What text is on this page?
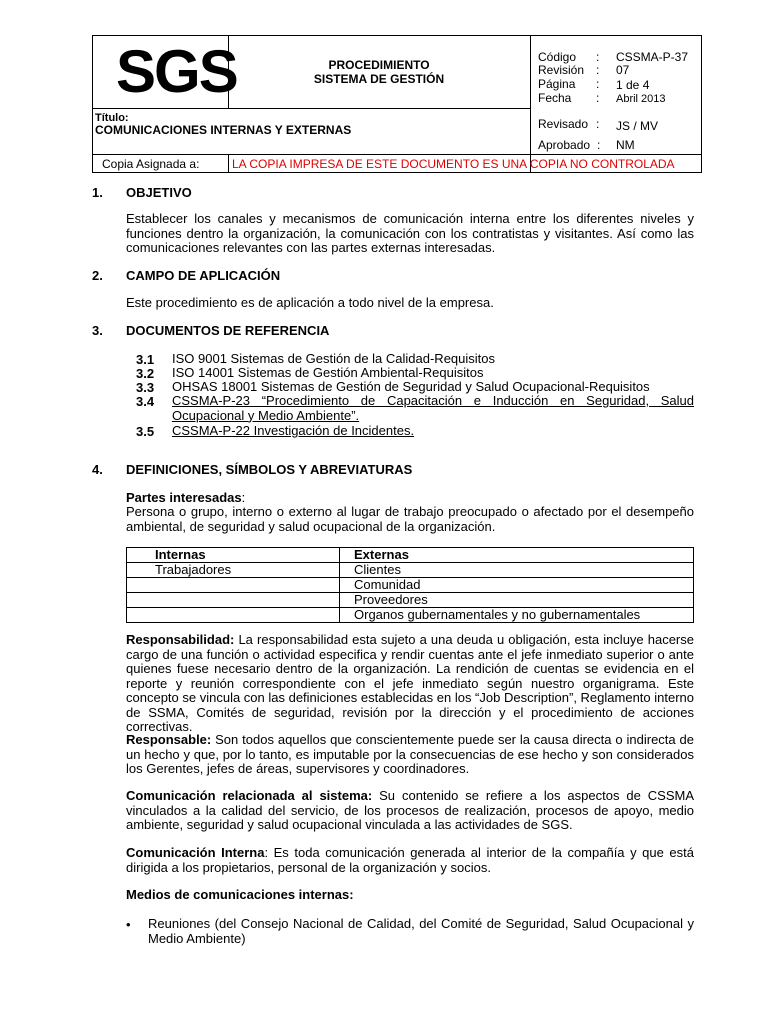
SGS	PROCEDIMIENTO
SISTEMA DE GESTIÓN
Título:
COMUNICACIONES INTERNAS Y EXTERNAS
Código : CSSMA-P-37
Revisión : 07
Página : 1 de 4
Fecha : Abril 2013
Revisado : JS / MV
Aprobado : NM
Copia Asignada a:	LA COPIA IMPRESA DE ESTE DOCUMENTO ES UNA COPIA NO CONTROLADA
1. OBJETIVO
Establecer los canales y mecanismos de comunicación interna entre los diferentes niveles y funciones dentro la organización, la comunicación con los contratistas y visitantes. Así como las comunicaciones relevantes con las partes externas interesadas.
2. CAMPO DE APLICACIÓN
Este procedimiento es de aplicación a todo nivel de la empresa.
3. DOCUMENTOS DE REFERENCIA
3.1 ISO 9001 Sistemas de Gestión de la Calidad-Requisitos
3.2 ISO 14001 Sistemas de Gestión Ambiental-Requisitos
3.3 OHSAS 18001 Sistemas de Gestión de Seguridad y Salud Ocupacional-Requisitos
3.4 CSSMA-P-23 “Procedimiento de Capacitación e Inducción en Seguridad, Salud Ocupacional y Medio Ambiente”.
3.5 CSSMA-P-22 Investigación de Incidentes.
4. DEFINICIONES, SÍMBOLOS Y ABREVIATURAS
Partes interesadas:
Persona o grupo, interno o externo al lugar de trabajo preocupado o afectado por el desempeño ambiental, de seguridad y salud ocupacional de la organización.
Internas	Externas
Trabajadores	Clientes
	Comunidad
	Proveedores
	Organos gubernamentales y no gubernamentales
Responsabilidad: La responsabilidad esta sujeto a una deuda u obligación, esta incluye hacerse cargo de una función o actividad especifica y rendir cuentas ante el jefe inmediato superior o ante quienes fuese necesario dentro de la organización. La rendición de cuentas se evidencia en el reporte y reunión correspondiente con el jefe inmediato según nuestro organigrama. Este concepto se vincula con las definiciones establecidas en los “Job Description”, Reglamento interno de SSMA, Comités de seguridad, revisión por la dirección y el procedimiento de acciones correctivas.
Responsable: Son todos aquellos que conscientemente puede ser la causa directa o indirecta de un hecho y que, por lo tanto, es imputable por la consecuencias de ese hecho y son considerados los Gerentes, jefes de áreas, supervisores y coordinadores.
Comunicación relacionada al sistema: Su contenido se refiere a los aspectos de CSSMA vinculados a la calidad del servicio, de los procesos de realización, procesos de apoyo, medio ambiente, seguridad y salud ocupacional vinculada a las actividades de SGS.
Comunicación Interna: Es toda comunicación generada al interior de la compañía y que está dirigida a los propietarios, personal de la organización y socios.
Medios de comunicaciones internas:
• Reuniones (del Consejo Nacional de Calidad, del Comité de Seguridad, Salud Ocupacional y Medio Ambiente)
